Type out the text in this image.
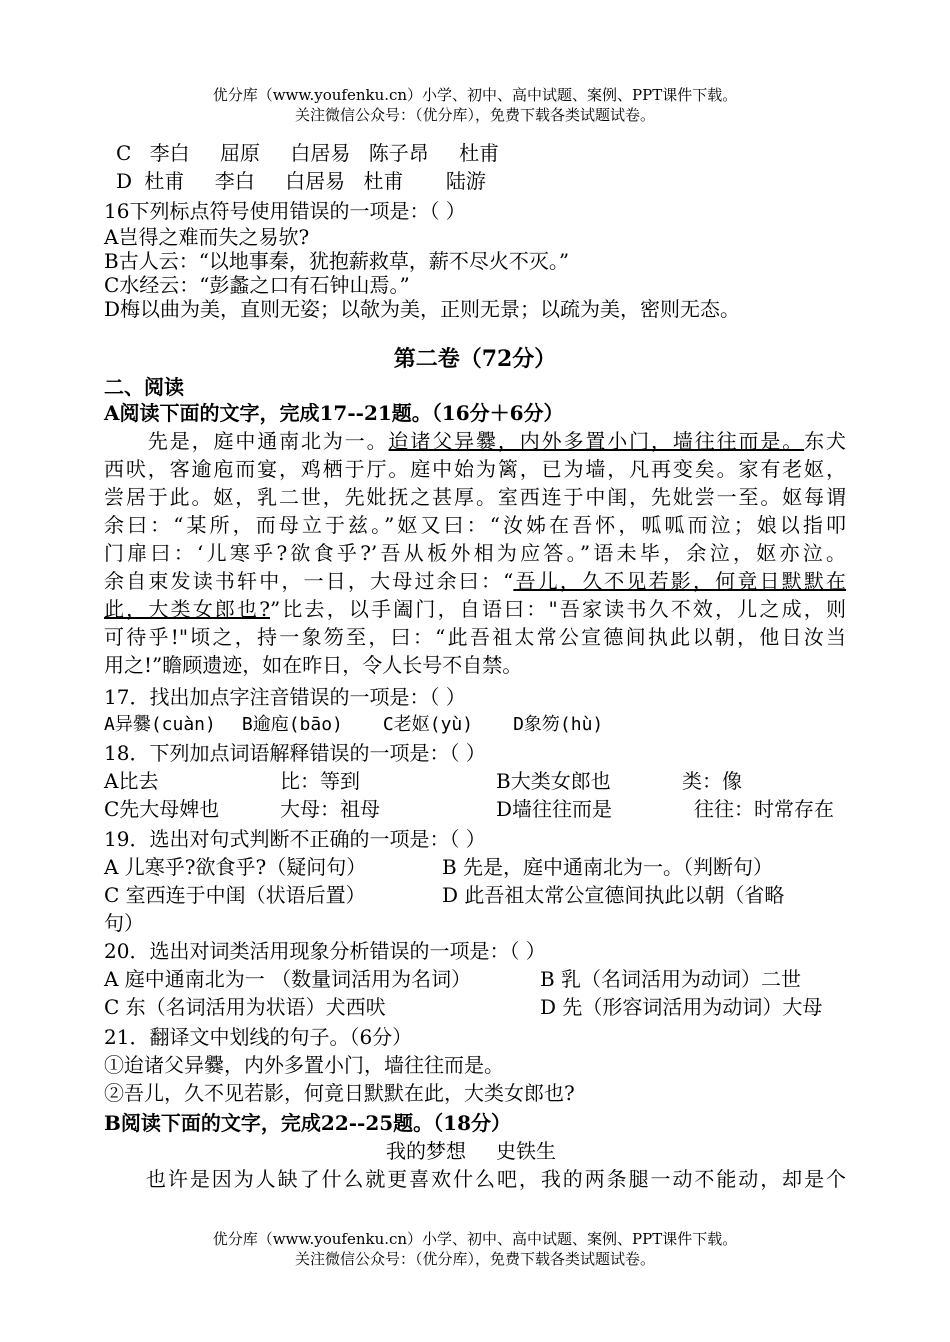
优分库（www.youfenku.cn）小学、初中、高中试题、案例、PPT课件下载。
关注微信公众号：（优分库），免费下载各类试题试卷。
C 李白 屈原 白居易 陈子昂 杜甫
D 杜甫 李白 白居易 杜甫 陆游
16下列标点符号使用错误的一项是：（ ）
A岂得之难而失之易欤?
B古人云：“以地事秦，犹抱薪救草，薪不尽火不灭。”
C水经云：“彭蠡之口有石钟山焉。”
D梅以曲为美，直则无姿；以欹为美，正则无景；以疏为美，密则无态。
第二卷（72分）
二、阅读
A阅读下面的文字，完成17--21题。（16分＋6分）
先是，庭中通南北为一。迨诸父异爨，内外多置小门，墙往往而是。东犬
西吠，客逾庖而宴，鸡栖于厅。庭中始为篱，已为墙，凡再变矣。家有老妪，
尝居于此。妪，乳二世，先妣抚之甚厚。室西连于中闺，先妣尝一至。妪每谓
余曰：“某所，而母立于兹。”妪又曰：“汝姊在吾怀，呱呱而泣；娘以指叩
门扉曰：‘儿寒乎?欲食乎?’吾从板外相为应答。”语未毕，余泣，妪亦泣。
余自束发读书轩中，一日，大母过余曰：“吾儿，久不见若影，何竟日默默在
此，大类女郎也?”比去，以手阖门，自语曰："吾家读书久不效，儿之成，则
可待乎!"顷之，持一象笏至，曰：“此吾祖太常公宣德间执此以朝，他日汝当
用之!”瞻顾遗迹，如在昨日，令人长号不自禁。
17．找出加点字注音错误的一项是：（ ）
A异爨(cuàn) B逾庖(bāo) C老妪(yù) D象笏(hù)
18．下列加点词语解释错误的一项是：（ ）
A比去	比：等到	B大类女郎也	类：像
C先大母婢也	大母：祖母	D墙往往而是	往往：时常存在
19．选出对句式判断不正确的一项是：（ ）
A 儿寒乎?欲食乎?（疑问句）	B 先是，庭中通南北为一。（判断句）
C 室西连于中闺（状语后置）	D 此吾祖太常公宣德间执此以朝（省略
句）
20．选出对词类活用现象分析错误的一项是：（ ）
A 庭中通南北为一 （数量词活用为名词）	B 乳（名词活用为动词）二世
C 东（名词活用为状语）犬西吠	D 先（形容词活用为动词）大母
21．翻译文中划线的句子。（6分）
①迨诸父异爨，内外多置小门，墙往往而是。
②吾儿，久不见若影，何竟日默默在此，大类女郎也?
B阅读下面的文字，完成22--25题。（18分）
我的梦想 史铁生
也许是因为人缺了什么就更喜欢什么吧，我的两条腿一动不能动，却是个
优分库（www.youfenku.cn）小学、初中、高中试题、案例、PPT课件下载。
关注微信公众号：（优分库），免费下载各类试题试卷。
